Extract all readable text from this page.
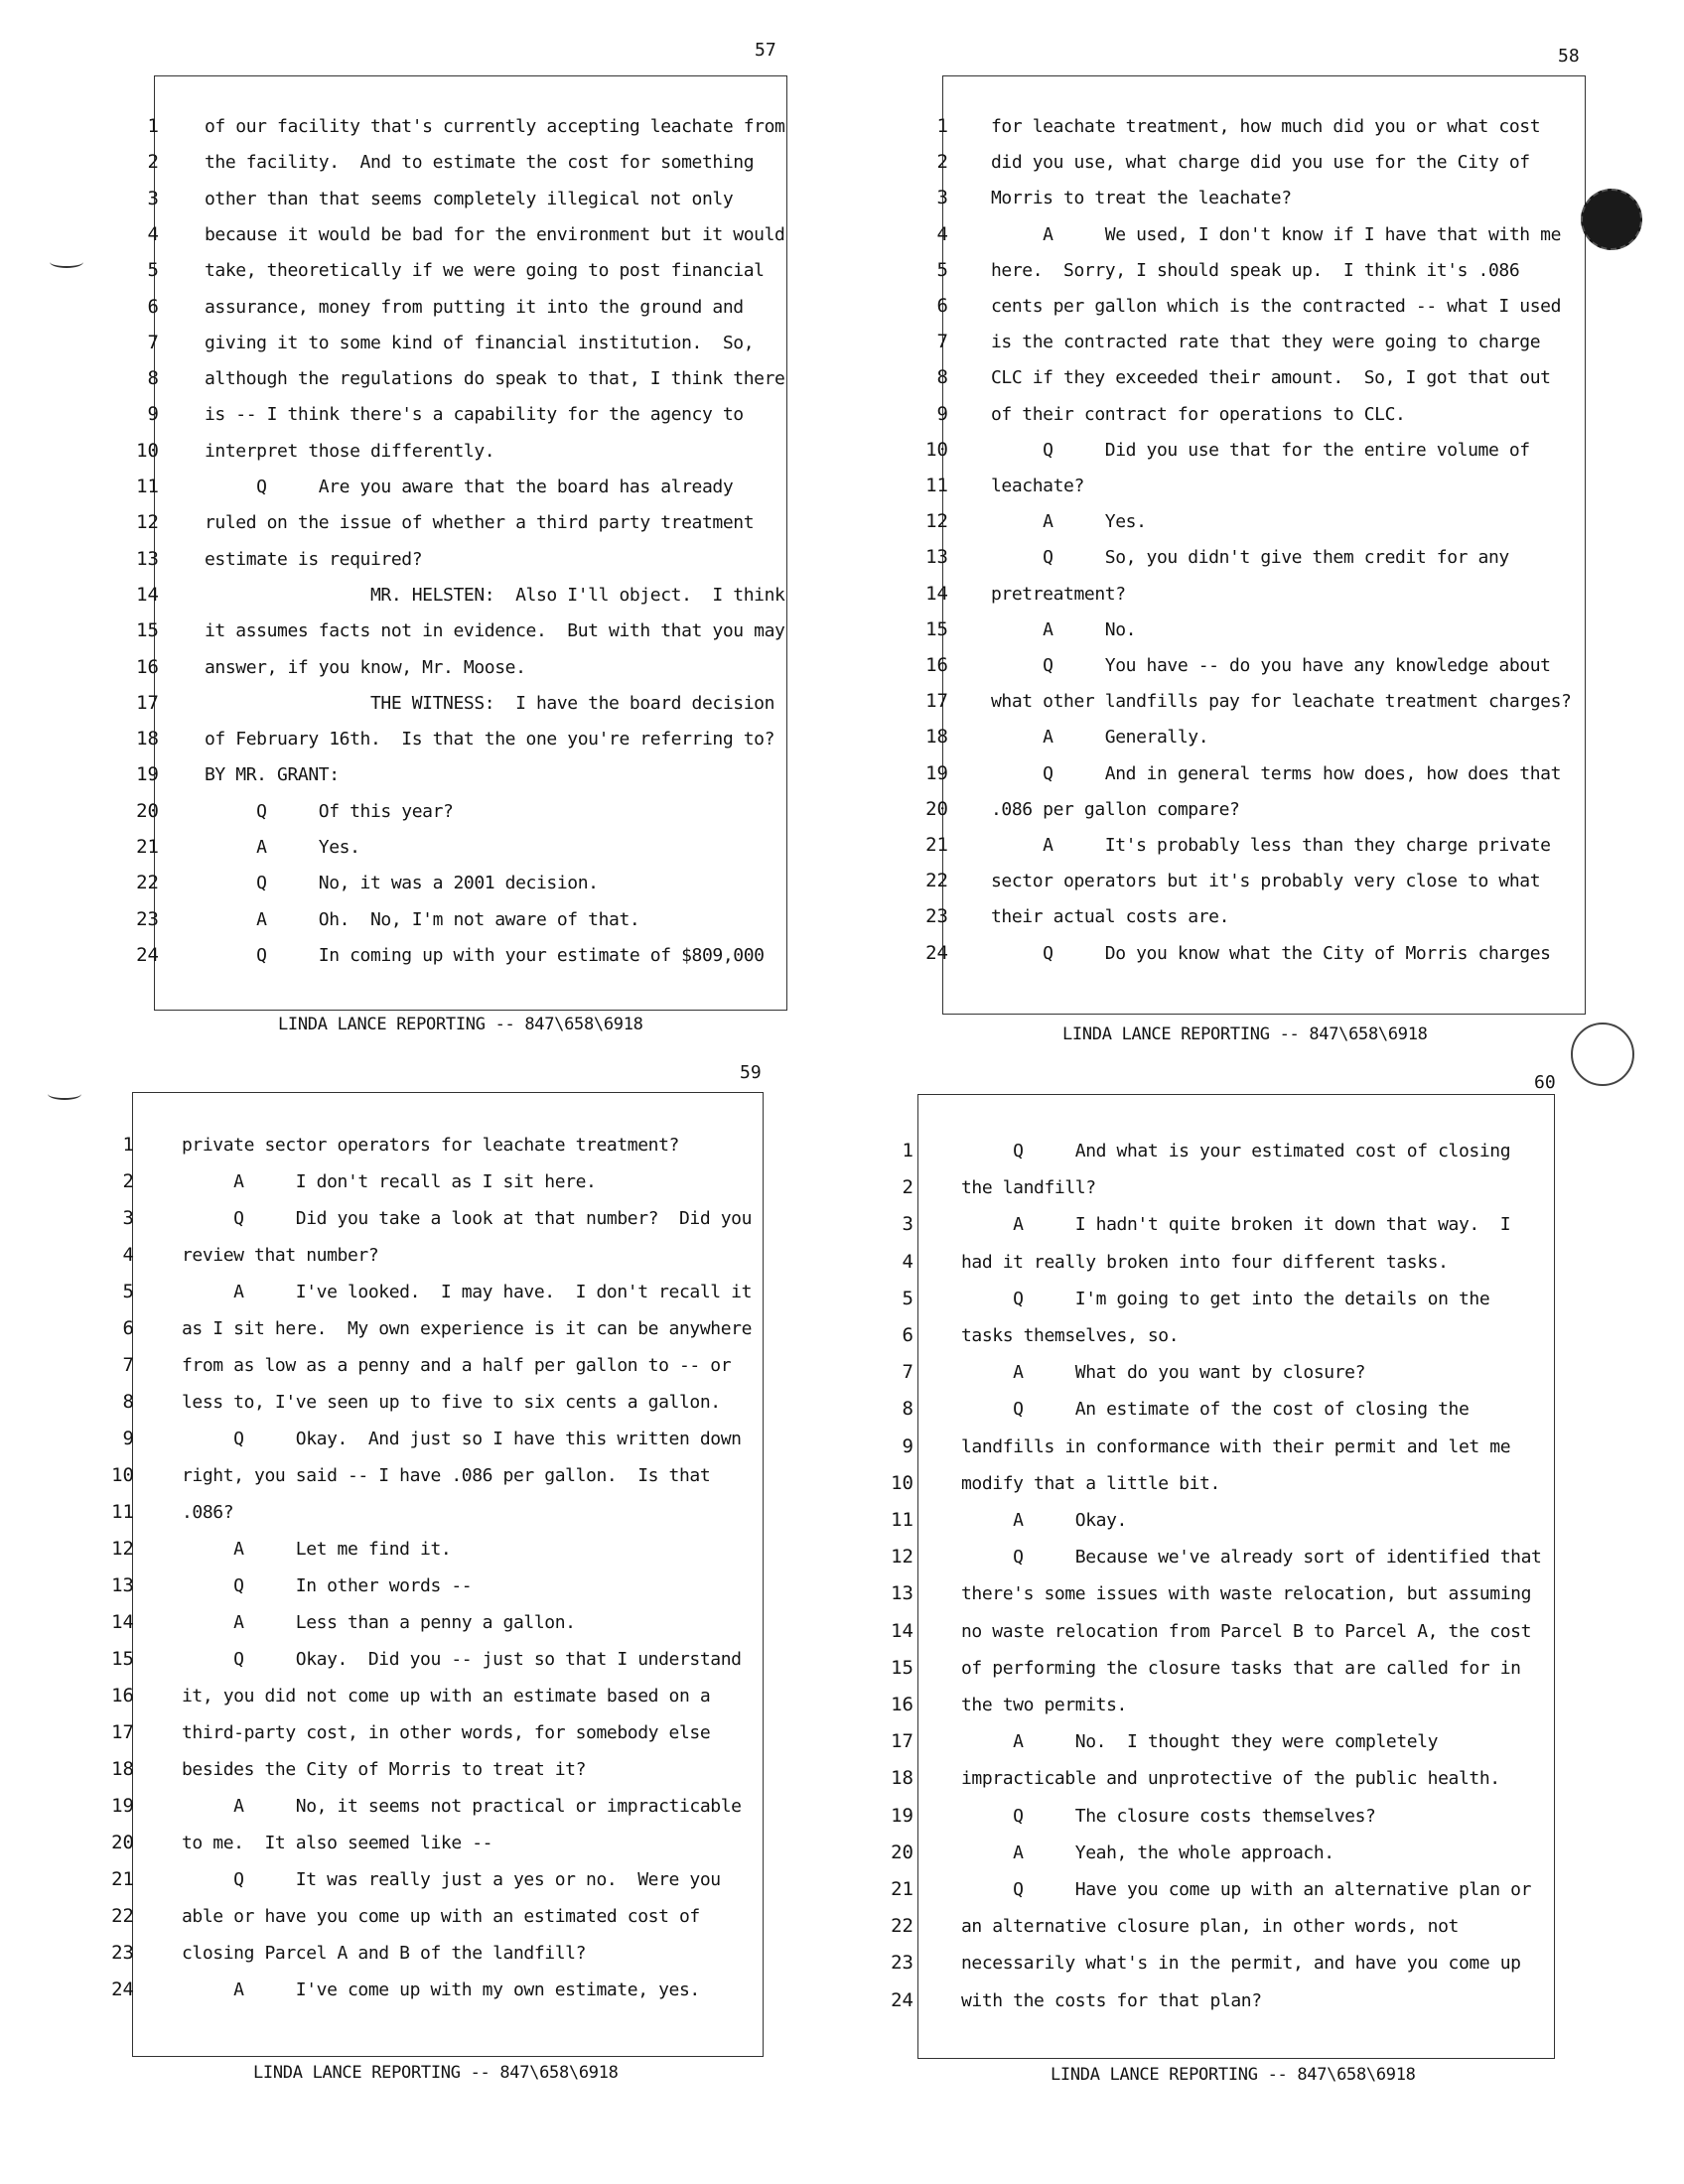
57
LINDA LANCE REPORTING -- 847\658\6918
1	of our facility that's currently accepting leachate from
2	the facility.  And to estimate the cost for something
3	other than that seems completely illegical not only
4	because it would be bad for the environment but it would
5	take, theoretically if we were going to post financial
6	assurance, money from putting it into the ground and
7	giving it to some kind of financial institution.  So,
8	although the regulations do speak to that, I think there
9	is -- I think there's a capability for the agency to
10	interpret those differently.
11	Q     Are you aware that the board has already
12	ruled on the issue of whether a third party treatment
13	estimate is required?
14	MR. HELSTEN:  Also I'll object.  I think
15	it assumes facts not in evidence.  But with that you may
16	answer, if you know, Mr. Moose.
17	THE WITNESS:  I have the board decision
18	of February 16th.  Is that the one you're referring to?
19	BY MR. GRANT:
20	Q     Of this year?
21	A     Yes.
22	Q     No, it was a 2001 decision.
23	A     Oh.  No, I'm not aware of that.
24	Q     In coming up with your estimate of $809,000
58
LINDA LANCE REPORTING -- 847\658\6918
1 for leachate treatment, how much did you or what cost
2 did you use, what charge did you use for the City of
3 Morris to treat the leachate?
4 A     We used, I don't know if I have that with me
5 here.  Sorry, I should speak up.  I think it's .086
6 cents per gallon which is the contracted -- what I used
7 is the contracted rate that they were going to charge
8 CLC if they exceeded their amount.  So, I got that out
9 of their contract for operations to CLC.
10 Q     Did you use that for the entire volume of
11 leachate?
12 A     Yes.
13 Q     So, you didn't give them credit for any
14 pretreatment?
15 A     No.
16 Q     You have -- do you have any knowledge about
17 what other landfills pay for leachate treatment charges?
18 A     Generally.
19 Q     And in general terms how does, how does that
20 .086 per gallon compare?
21 A     It's probably less than they charge private
22 sector operators but it's probably very close to what
23 their actual costs are.
24 Q     Do you know what the City of Morris charges
59
LINDA LANCE REPORTING -- 847\658\6918
1	private sector operators for leachate treatment?
2	A     I don't recall as I sit here.
3	Q     Did you take a look at that number?  Did you
4	review that number?
5	A     I've looked.  I may have.  I don't recall it
6	as I sit here.  My own experience is it can be anywhere
7	from as low as a penny and a half per gallon to -- or
8	less to, I've seen up to five to six cents a gallon.
9	Q     Okay.  And just so I have this written down
10	right, you said -- I have .086 per gallon.  Is that
11	.086?
12	A     Let me find it.
13	Q     In other words --
14	A     Less than a penny a gallon.
15	Q     Okay.  Did you -- just so that I understand
16	it, you did not come up with an estimate based on a
17	third-party cost, in other words, for somebody else
18	besides the City of Morris to treat it?
19	A     No, it seems not practical or impracticable
20	to me.  It also seemed like --
21	Q     It was really just a yes or no.  Were you
22	able or have you come up with an estimated cost of
23	closing Parcel A and B of the landfill?
24	A     I've come up with my own estimate, yes.
60
LINDA LANCE REPORTING -- 847\658\6918
1	Q     And what is your estimated cost of closing
2	the landfill?
3	A     I hadn't quite broken it down that way.  I
4	had it really broken into four different tasks.
5	Q     I'm going to get into the details on the
6	tasks themselves, so.
7	A     What do you want by closure?
8	Q     An estimate of the cost of closing the
9	landfills in conformance with their permit and let me
10	modify that a little bit.
11	A     Okay.
12	Q     Because we've already sort of identified that
13	there's some issues with waste relocation, but assuming
14	no waste relocation from Parcel B to Parcel A, the cost
15	of performing the closure tasks that are called for in
16	the two permits.
17	A     No.  I thought they were completely
18	impracticable and unprotective of the public health.
19	Q     The closure costs themselves?
20	A     Yeah, the whole approach.
21	Q     Have you come up with an alternative plan or
22	an alternative closure plan, in other words, not
23	necessarily what's in the permit, and have you come up
24	with the costs for that plan?
